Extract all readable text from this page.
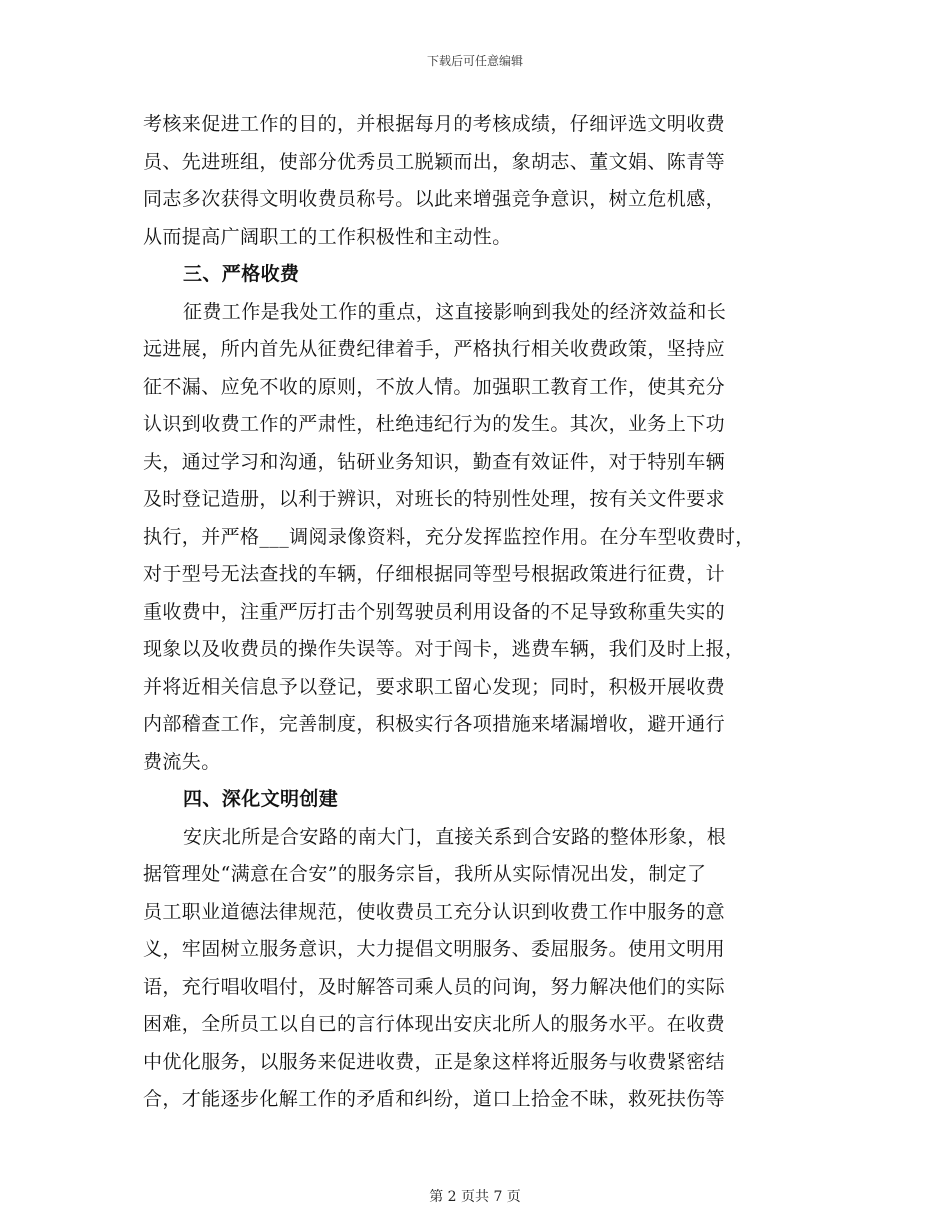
下载后可任意编辑
考核来促进工作的目的，并根据每月的考核成绩，仔细评选文明收费
员、先进班组，使部分优秀员工脱颖而出，象胡志、董文娟、陈青等
同志多次获得文明收费员称号。以此来增强竞争意识，树立危机感，
从而提高广阔职工的工作积极性和主动性。
三、严格收费
征费工作是我处工作的重点，这直接影响到我处的经济效益和长
远进展，所内首先从征费纪律着手，严格执行相关收费政策，坚持应
征不漏、应免不收的原则，不放人情。加强职工教育工作，使其充分
认识到收费工作的严肃性，杜绝违纪行为的发生。其次，业务上下功
夫，通过学习和沟通，钻研业务知识，勤查有效证件，对于特别车辆
及时登记造册，以利于辨识，对班长的特别性处理，按有关文件要求
执行，并严格___调阅录像资料，充分发挥监控作用。在分车型收费时，
对于型号无法查找的车辆，仔细根据同等型号根据政策进行征费，计
重收费中，注重严厉打击个别驾驶员利用设备的不足导致称重失实的
现象以及收费员的操作失误等。对于闯卡，逃费车辆，我们及时上报，
并将近相关信息予以登记，要求职工留心发现；同时，积极开展收费
内部稽查工作，完善制度，积极实行各项措施来堵漏增收，避开通行
费流失。
四、深化文明创建
安庆北所是合安路的南大门，直接关系到合安路的整体形象，根
据管理处“满意在合安”的服务宗旨，我所从实际情况出发，制定了
员工职业道德法律规范，使收费员工充分认识到收费工作中服务的意
义，牢固树立服务意识，大力提倡文明服务、委屈服务。使用文明用
语，充行唱收唱付，及时解答司乘人员的问询，努力解决他们的实际
困难，全所员工以自已的言行体现出安庆北所人的服务水平。在收费
中优化服务，以服务来促进收费，正是象这样将近服务与收费紧密结
合，才能逐步化解工作的矛盾和纠纷，道口上拾金不昧，救死扶伤等
第 2 页共 7 页
